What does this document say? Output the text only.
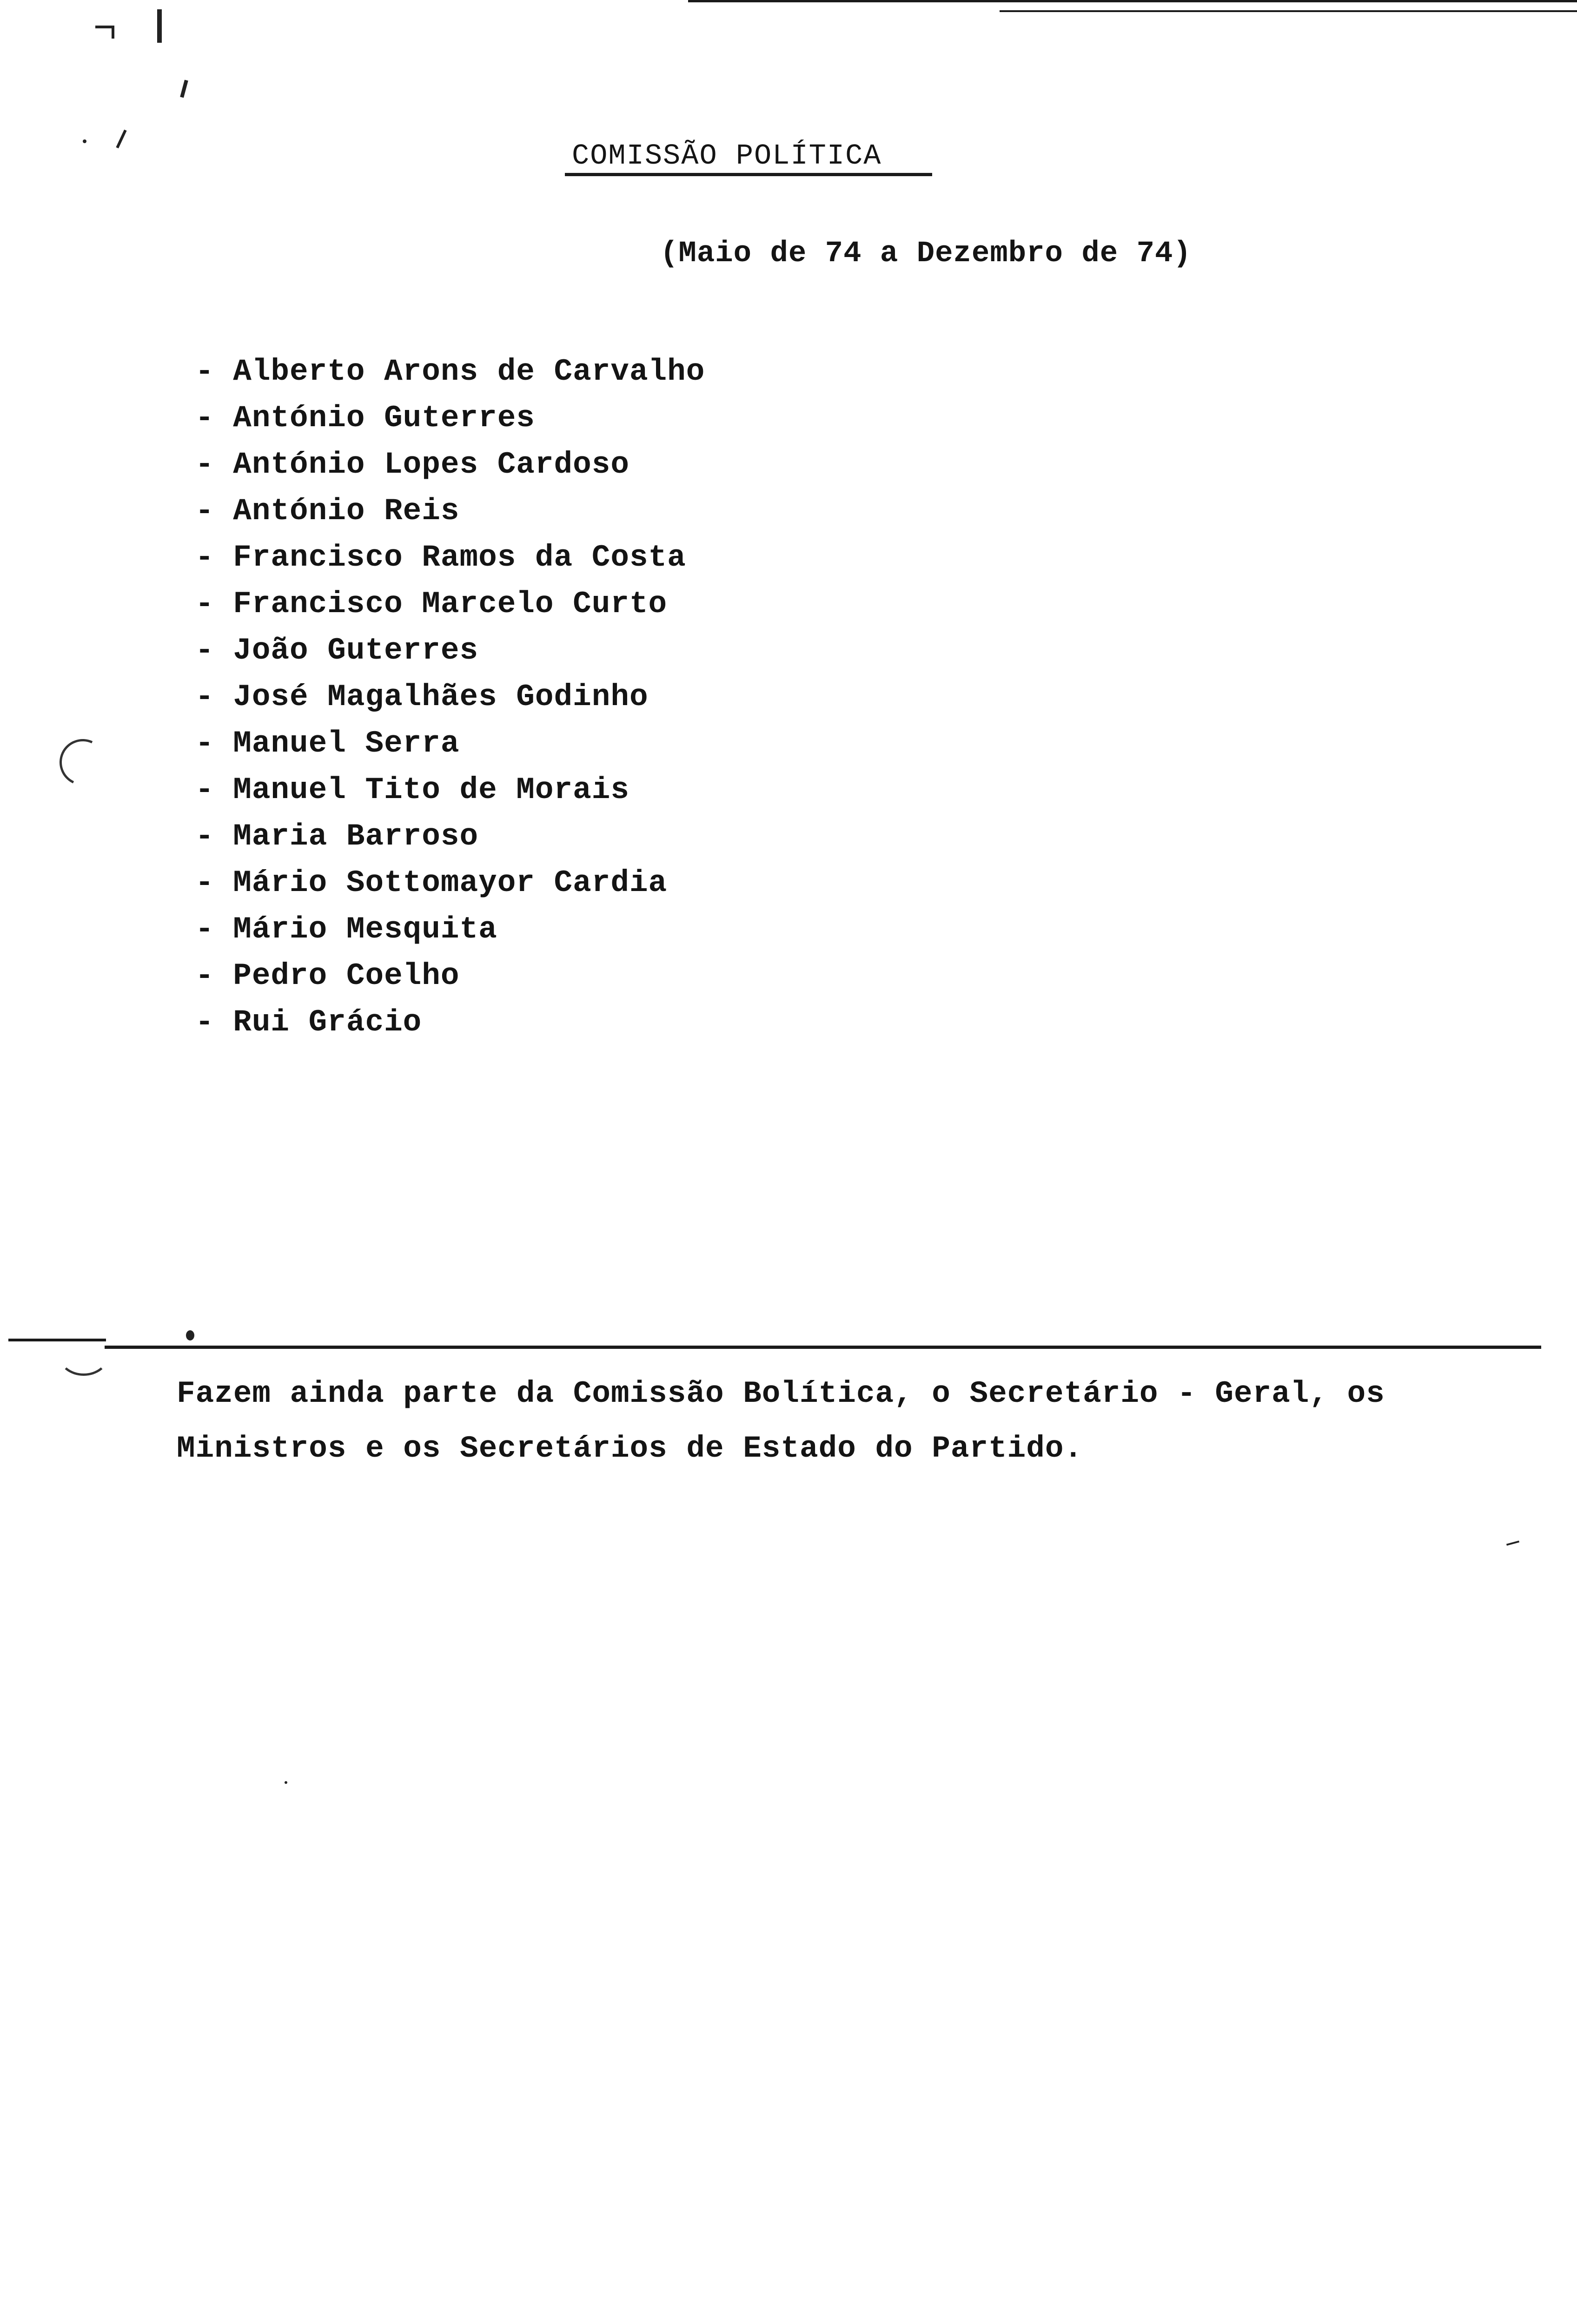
COMISSÃO POLÍTICA
(Maio de 74 a Dezembro de 74)
- Alberto Arons de Carvalho
- António Guterres
- António Lopes Cardoso
- António Reis
- Francisco Ramos da Costa
- Francisco Marcelo Curto
- João Guterres
- José Magalhães Godinho
- Manuel Serra
- Manuel Tito de Morais
- Maria Barroso
- Mário Sottomayor Cardia
- Mário Mesquita
- Pedro Coelho
- Rui Grácio
Fazem ainda parte da Comissão Bolítica, o Secretário - Geral, os
Ministros e os Secretários de Estado do Partido.
